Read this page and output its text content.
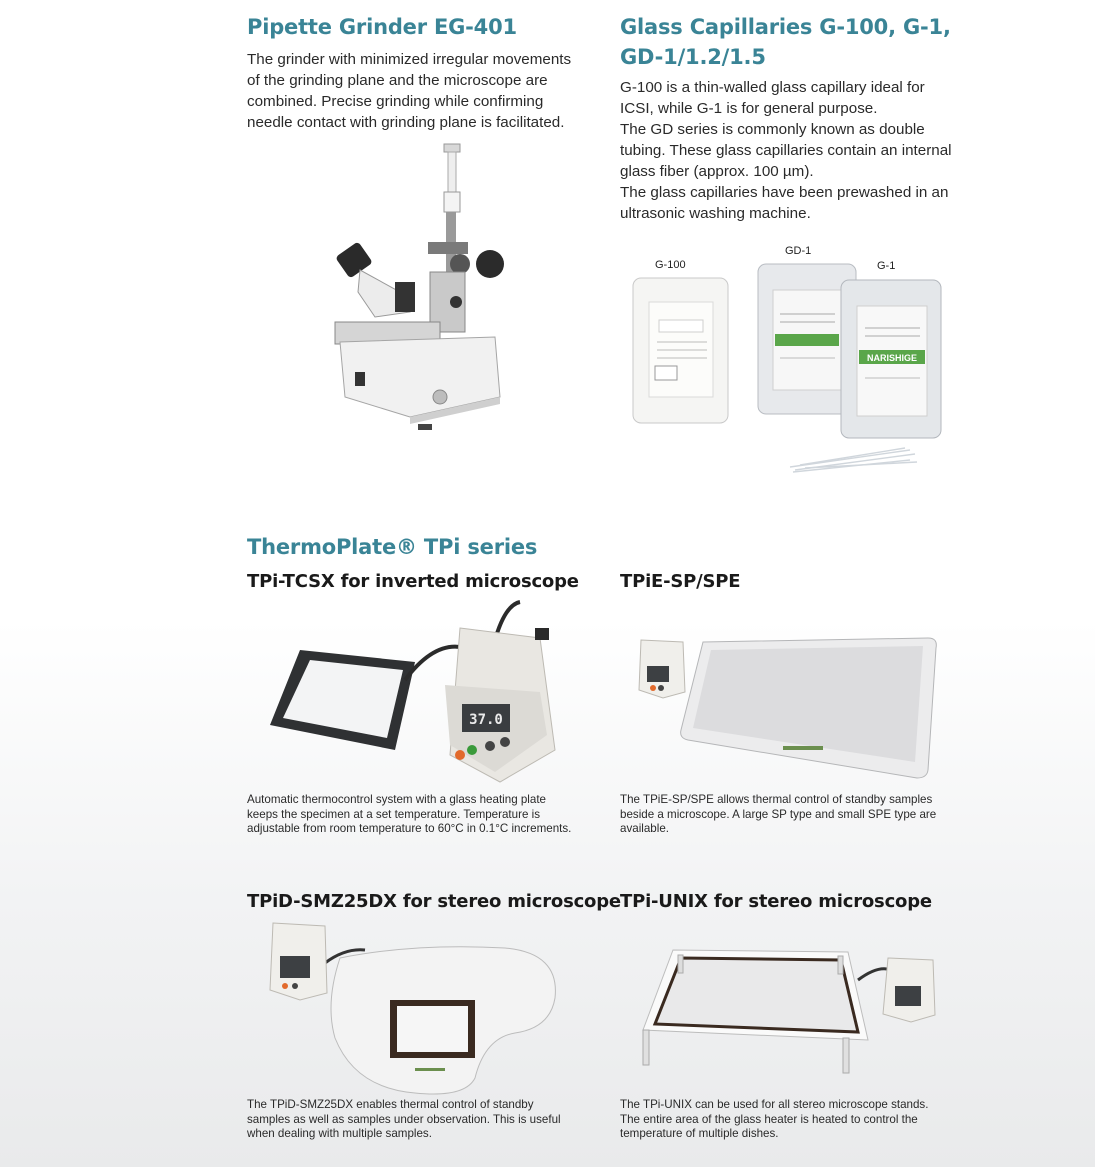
Pipette Grinder EG-401
The grinder with minimized irregular movements of the grinding plane and the microscope are combined. Precise grinding while confirming needle contact with grinding plane is facilitated.
Glass Capillaries G-100, G-1,
GD-1/1.2/1.5
G-100 is a thin-walled glass capillary ideal for ICSI, while G-1 is for general purpose.
The GD series is commonly known as double tubing. These glass capillaries contain an internal glass fiber (approx. 100 µm).
The glass capillaries have been prewashed in an ultrasonic washing machine.
G-100
GD-1
G-1
NARISHIGE
ThermoPlate® TPi series
TPi-TCSX for inverted microscope
37.0
Automatic thermocontrol system with a glass heating plate keeps the specimen at a set temperature. Temperature is adjustable from room temperature to 60°C in 0.1°C increments.
TPiE-SP/SPE
The TPiE-SP/SPE allows thermal control of standby samples beside a microscope. A large SP type and small SPE type are available.
TPiD-SMZ25DX for stereo microscope
The TPiD-SMZ25DX enables thermal control of standby samples as well as samples under observation. This is useful when dealing with multiple samples.
TPi-UNIX for stereo microscope
The TPi-UNIX can be used for all stereo microscope stands. The entire area of the glass heater is heated to control the temperature of multiple dishes.
